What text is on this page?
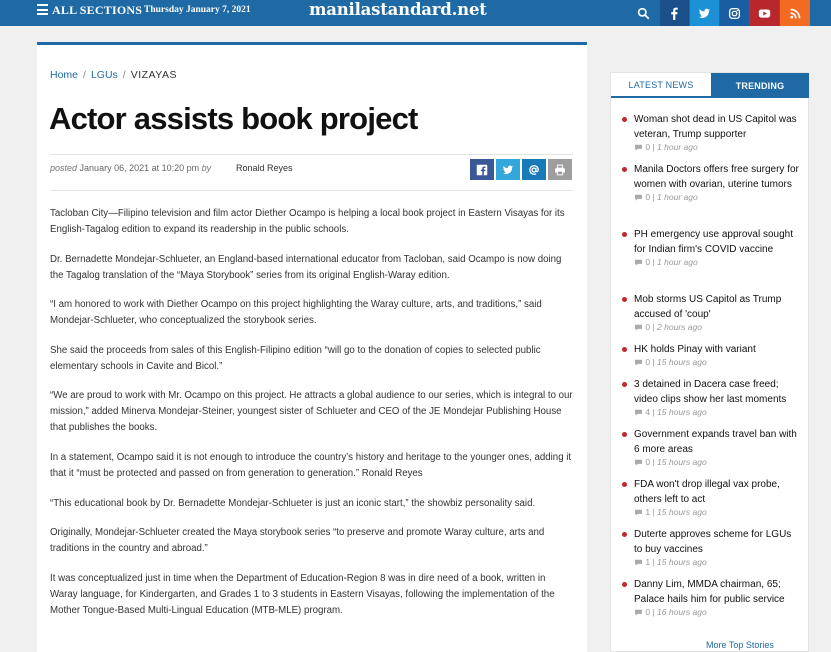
ALL SECTIONS Thursday January 7, 2021	manilastandard.net
Home / LGUs / VIZAYAS
Actor assists book project
posted January 06, 2021 at 10:20 pm by	Ronald Reyes

Tacloban City—Filipino television and film actor Diether Ocampo is helping a local book project in Eastern Visayas for its English-Tagalog edition to expand its readership in the public schools.

Dr. Bernadette Mondejar-Schlueter, an England-based international educator from Tacloban, said Ocampo is now doing the Tagalog translation of the “Maya Storybook” series from its original English-Waray edition.

“I am honored to work with Diether Ocampo on this project highlighting the Waray culture, arts, and traditions,” said Mondejar-Schlueter, who conceptualized the storybook series.

She said the proceeds from sales of this English-Filipino edition “will go to the donation of copies to selected public elementary schools in Cavite and Bicol.”

“We are proud to work with Mr. Ocampo on this project. He attracts a global audience to our series, which is integral to our mission,” added Minerva Mondejar-Steiner, youngest sister of Schlueter and CEO of the JE Mondejar Publishing House that publishes the books.

In a statement, Ocampo said it is not enough to introduce the country’s history and heritage to the younger ones, adding it that it “must be protected and passed on from generation to generation.” Ronald Reyes

“This educational book by Dr. Bernadette Mondejar-Schlueter is just an iconic start,” the showbiz personality said.

Originally, Mondejar-Schlueter created the Maya storybook series “to preserve and promote Waray culture, arts and traditions in the country and abroad.”

It was conceptualized just in time when the Department of Education-Region 8 was in dire need of a book, written in Waray language, for Kindergarten, and Grades 1 to 3 students in Eastern Visayas, following the implementation of the Mother Tongue-Based Multi-Lingual Education (MTB-MLE) program.

LATEST NEWS	TRENDING
Woman shot dead in US Capitol was veteran, Trump supporter
0 | 1 hour ago
Manila Doctors offers free surgery for women with ovarian, uterine tumors
0 | 1 hour ago
PH emergency use approval sought for Indian firm's COVID vaccine
0 | 1 hour ago
Mob storms US Capitol as Trump accused of 'coup'
0 | 2 hours ago
HK holds Pinay with variant
0 | 15 hours ago
3 detained in Dacera case freed; video clips show her last moments
4 | 15 hours ago
Government expands travel ban with 6 more areas
0 | 15 hours ago
FDA won't drop illegal vax probe, others left to act
1 | 15 hours ago
Duterte approves scheme for LGUs to buy vaccines
1 | 15 hours ago
Danny Lim, MMDA chairman, 65; Palace hails him for public service
0 | 16 hours ago
More Top Stories
